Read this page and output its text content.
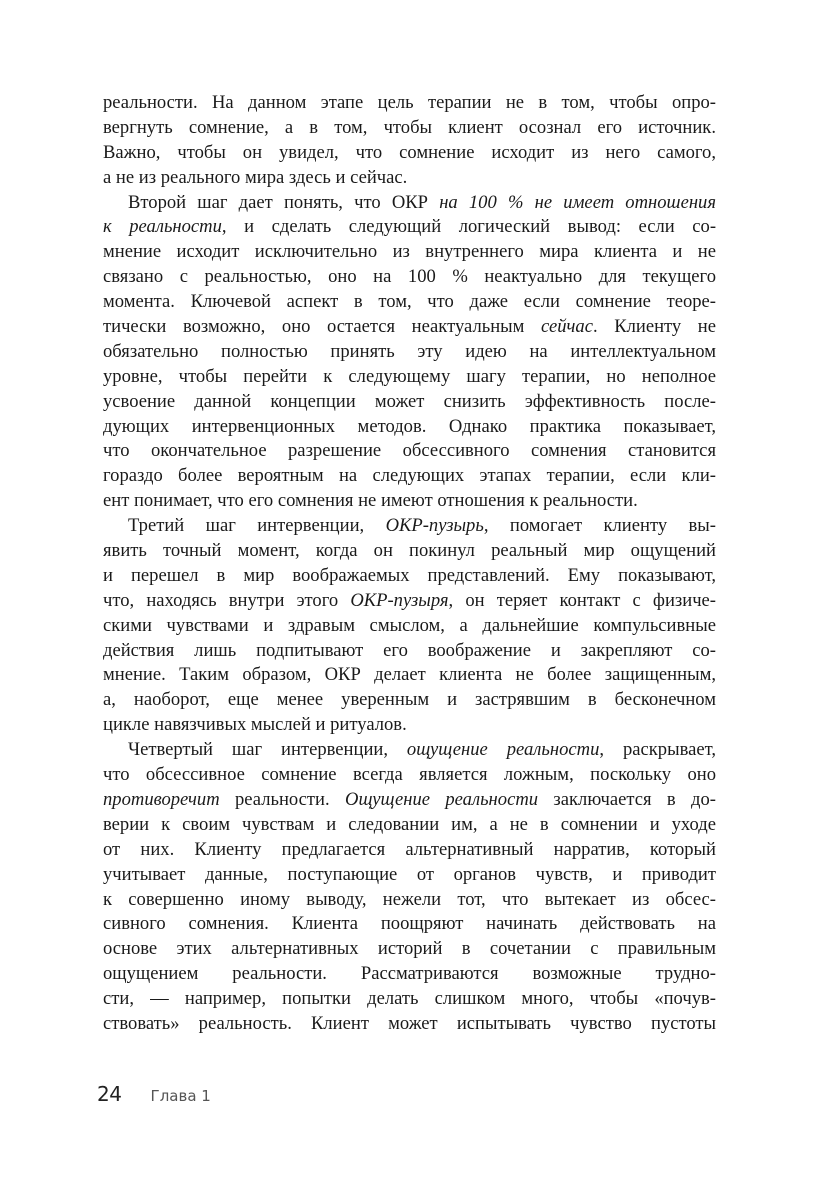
реальности. На данном этапе цель терапии не в том, чтобы опро-
вергнуть сомнение, а в том, чтобы клиент осознал его источник.
Важно, чтобы он увидел, что сомнение исходит из него самого,
а не из реального мира здесь и сейчас.
Второй шаг дает понять, что ОКР на 100 % не имеет отношения
к реальности, и сделать следующий логический вывод: если со-
мнение исходит исключительно из внутреннего мира клиента и не
связано с реальностью, оно на 100 % неактуально для текущего
момента. Ключевой аспект в том, что даже если сомнение теоре-
тически возможно, оно остается неактуальным сейчас. Клиенту не
обязательно полностью принять эту идею на интеллектуальном
уровне, чтобы перейти к следующему шагу терапии, но неполное
усвоение данной концепции может снизить эффективность после-
дующих интервенционных методов. Однако практика показывает,
что окончательное разрешение обсессивного сомнения становится
гораздо более вероятным на следующих этапах терапии, если кли-
ент понимает, что его сомнения не имеют отношения к реальности.
Третий шаг интервенции, ОКР-пузырь, помогает клиенту вы-
явить точный момент, когда он покинул реальный мир ощущений
и перешел в мир воображаемых представлений. Ему показывают,
что, находясь внутри этого ОКР-пузыря, он теряет контакт с физиче-
скими чувствами и здравым смыслом, а дальнейшие компульсивные
действия лишь подпитывают его воображение и закрепляют со-
мнение. Таким образом, ОКР делает клиента не более защищенным,
а, наоборот, еще менее уверенным и застрявшим в бесконечном
цикле навязчивых мыслей и ритуалов.
Четвертый шаг интервенции, ощущение реальности, раскрывает,
что обсессивное сомнение всегда является ложным, поскольку оно
противоречит реальности. Ощущение реальности заключается в до-
верии к своим чувствам и следовании им, а не в сомнении и уходе
от них. Клиенту предлагается альтернативный нарратив, который
учитывает данные, поступающие от органов чувств, и приводит
к совершенно иному выводу, нежели тот, что вытекает из обсес-
сивного сомнения. Клиента поощряют начинать действовать на
основе этих альтернативных историй в сочетании с правильным
ощущением реальности. Рассматриваются возможные трудно-
сти, — например, попытки делать слишком много, чтобы «почув-
ствовать» реальность. Клиент может испытывать чувство пустоты
24 Глава 1
